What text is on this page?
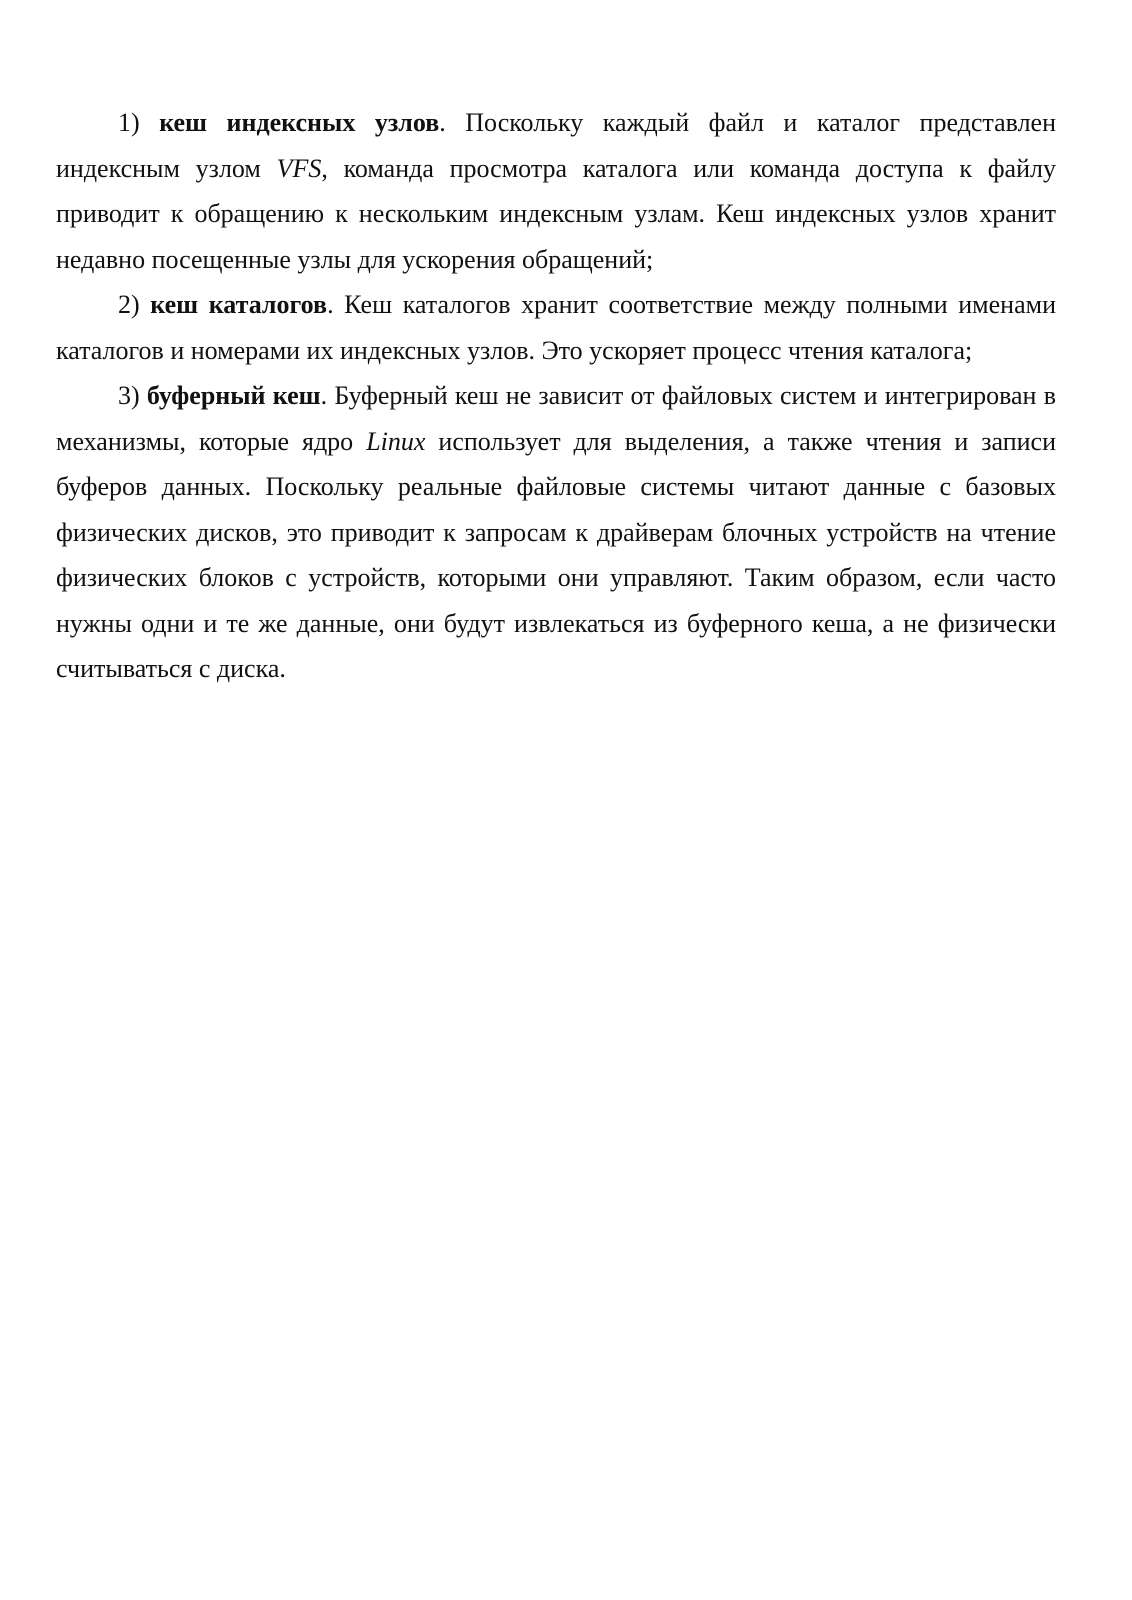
1) кеш индексных узлов. Поскольку каждый файл и каталог представлен индексным узлом VFS, команда просмотра каталога или команда доступа к файлу приводит к обращению к нескольким индексным узлам. Кеш индексных узлов хранит недавно посещенные узлы для ускорения обращений;

2) кеш каталогов. Кеш каталогов хранит соответствие между полными именами каталогов и номерами их индексных узлов. Это ускоряет процесс чтения каталога;

3) буферный кеш. Буферный кеш не зависит от файловых систем и интегрирован в механизмы, которые ядро Linux использует для выделения, а также чтения и записи буферов данных. Поскольку реальные файловые системы читают данные с базовых физических дисков, это приводит к запросам к драйверам блочных устройств на чтение физических блоков с устройств, которыми они управляют. Таким образом, если часто нужны одни и те же данные, они будут извлекаться из буферного кеша, а не физически считываться с диска.
